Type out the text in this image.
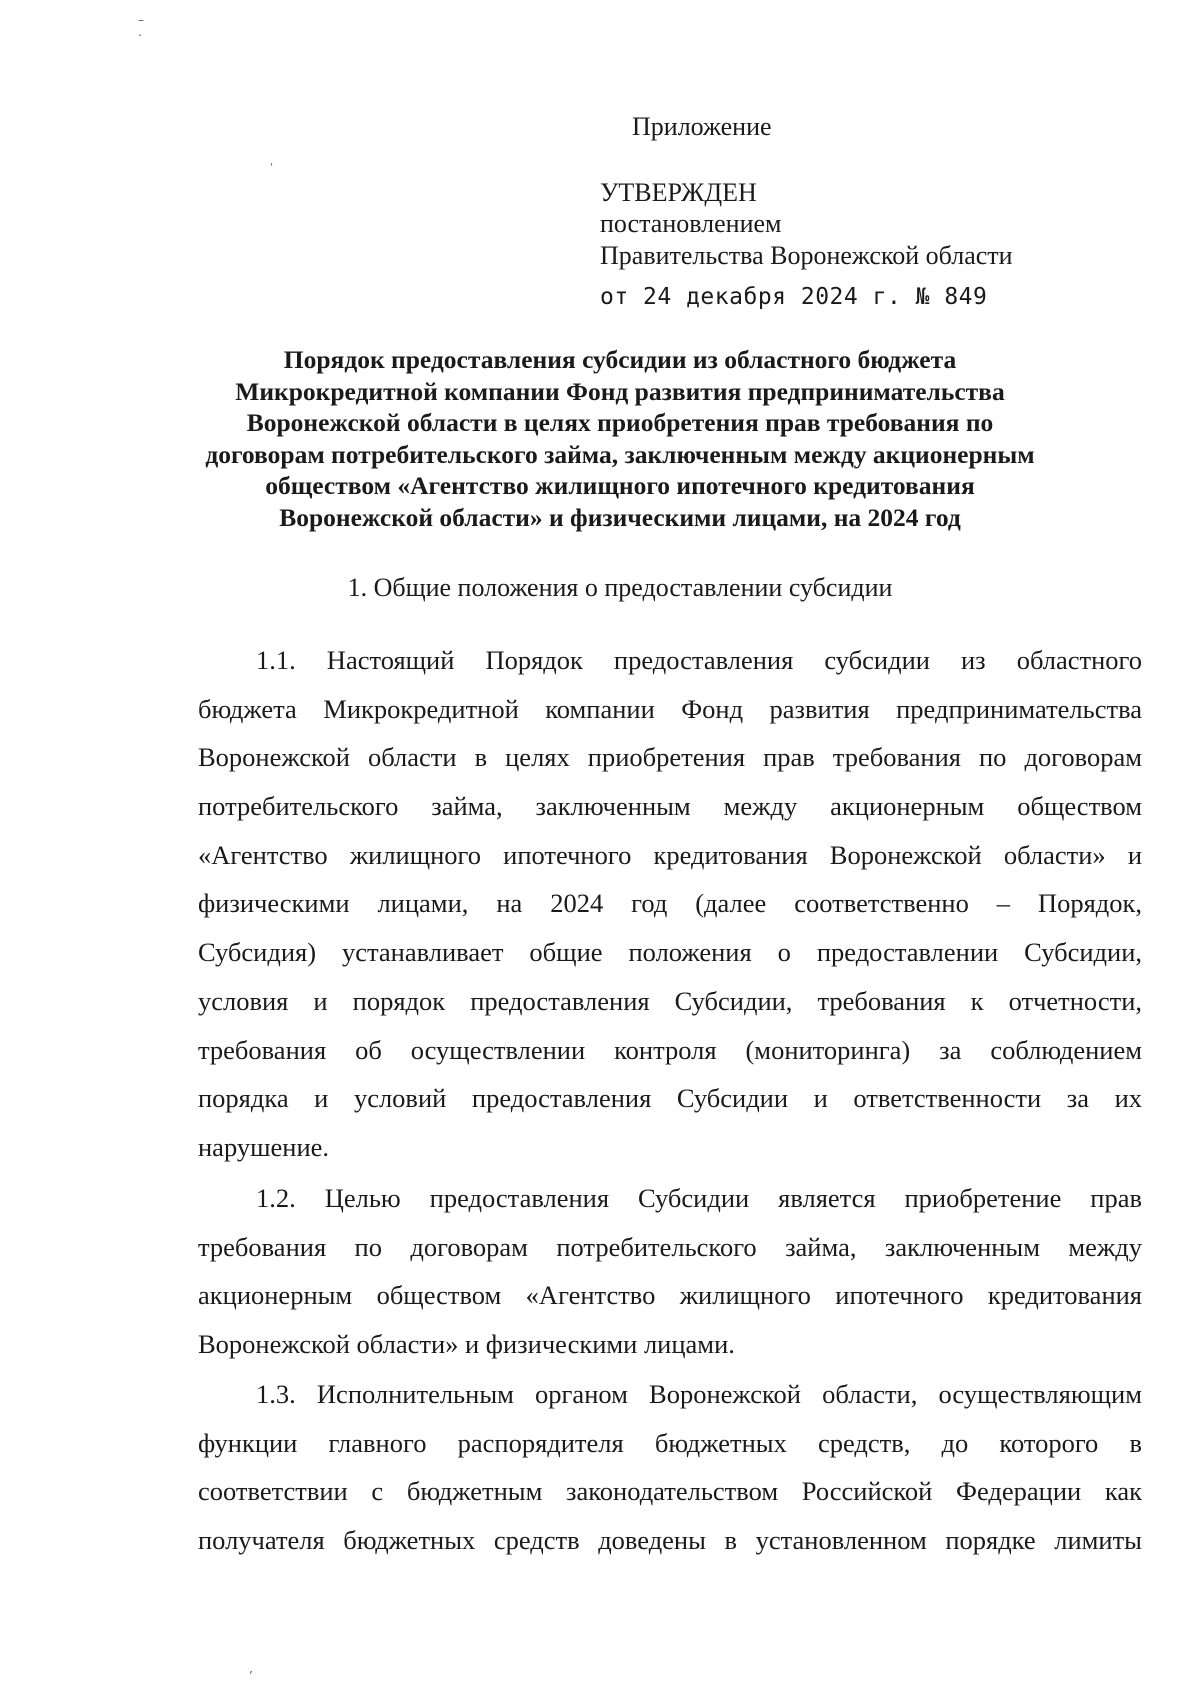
–
․
‘
’
Приложение
УТВЕРЖДЕН
постановлением
Правительства Воронежской области
от 24 декабря 2024 г. № 849
Порядок предоставления субсидии из областного бюджета
Микрокредитной компании Фонд развития предпринимательства
Воронежской области в целях приобретения прав требования по
договорам потребительского займа, заключенным между акционерным
обществом «Агентство жилищного ипотечного кредитования
Воронежской области» и физическими лицами, на 2024 год
1. Общие положения о предоставлении субсидии
1.1. Настоящий Порядок предоставления субсидии из областного
бюджета Микрокредитной компании Фонд развития предпринимательства
Воронежской области в целях приобретения прав требования по договорам
потребительского займа, заключенным между акционерным обществом
«Агентство жилищного ипотечного кредитования Воронежской области» и
физическими лицами, на 2024 год (далее соответственно – Порядок,
Субсидия) устанавливает общие положения о предоставлении Субсидии,
условия и порядок предоставления Субсидии, требования к отчетности,
требования об осуществлении контроля (мониторинга) за соблюдением
порядка и условий предоставления Субсидии и ответственности за их
нарушение.
1.2. Целью предоставления Субсидии является приобретение прав
требования по договорам потребительского займа, заключенным между
акционерным обществом «Агентство жилищного ипотечного кредитования
Воронежской области» и физическими лицами.
1.3. Исполнительным органом Воронежской области, осуществляющим
функции главного распорядителя бюджетных средств, до которого в
соответствии с бюджетным законодательством Российской Федерации как
получателя бюджетных средств доведены в установленном порядке лимиты
